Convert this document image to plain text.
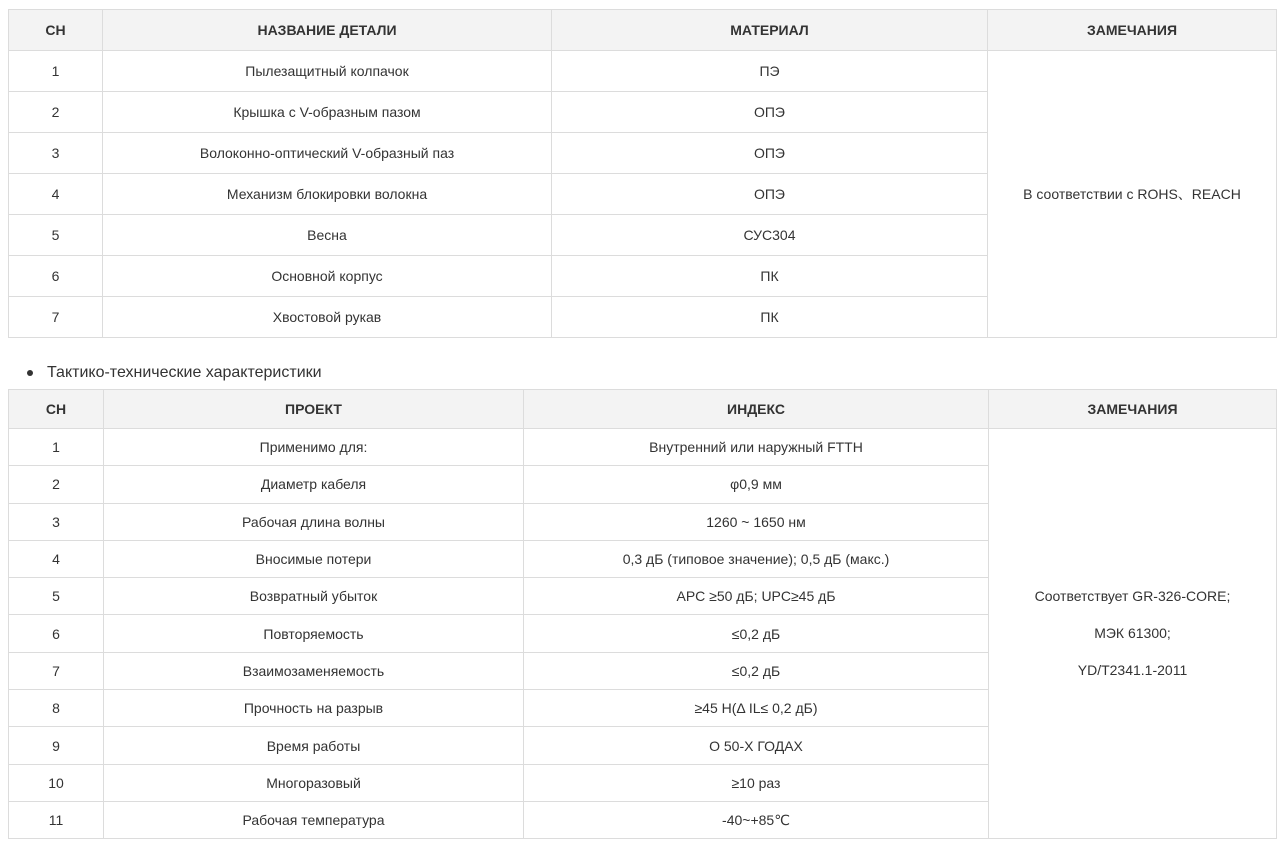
СН	НАЗВАНИЕ ДЕТАЛИ	МАТЕРИАЛ	ЗАМЕЧАНИЯ
1	Пылезащитный колпачок	ПЭ	В соответствии с ROHS、REACH
2	Крышка с V-образным пазом	ОПЭ	
3	Волоконно-оптический V-образный паз	ОПЭ	
4	Механизм блокировки волокна	ОПЭ	
5	Весна	СУС304	
6	Основной корпус	ПК	
7	Хвостовой рукав	ПК	
Тактико-технические характеристики
СН	ПРОЕКТ	ИНДЕКС	ЗАМЕЧАНИЯ
1	Применимо для:	Внутренний или наружный FTTH	Соответствует GR-326-CORE;
МЭК 61300;
YD/T2341.1-2011

2	Диаметр кабеля	φ0,9 мм	
3	Рабочая длина волны	1260 ~ 1650 нм	
4	Вносимые потери	0,3 дБ (типовое значение); 0,5 дБ (макс.)	
5	Возвратный убыток	APC ≥50 дБ; UPC≥45 дБ	
6	Повторяемость	≤0,2 дБ	
7	Взаимозаменяемость	≤0,2 дБ	
8	Прочность на разрыв	≥45 Н(Δ IL≤ 0,2 дБ)	
9	Время работы	О 50-Х ГОДАХ	
10	Многоразовый	≥10 раз	
11	Рабочая температура	-40~+85℃	
